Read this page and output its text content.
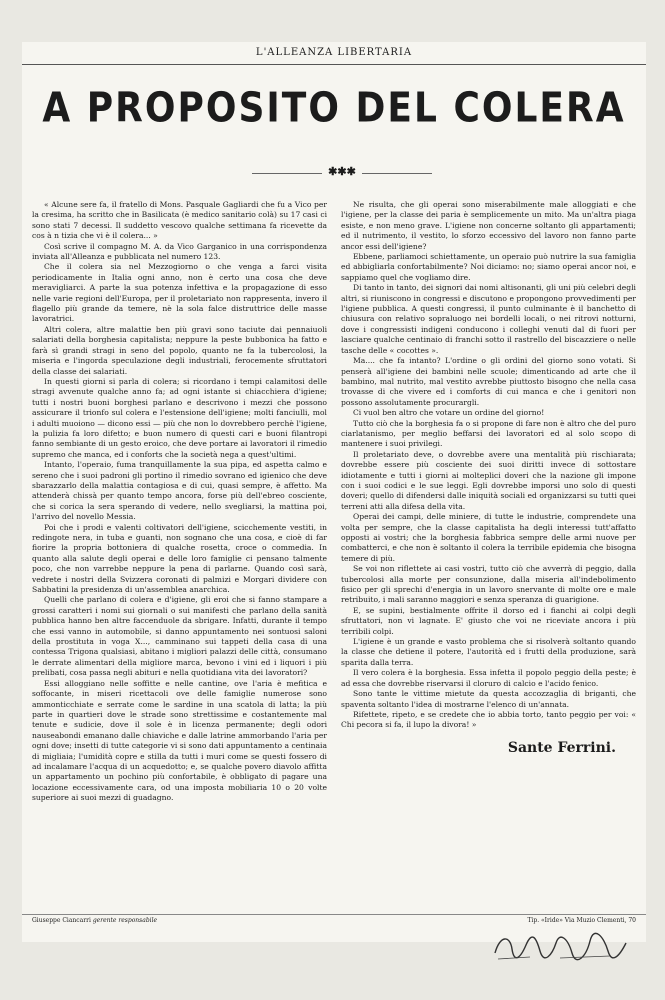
L'ALLEANZA LIBERTARIA
A PROPOSITO DEL COLERA
✱✱✱

« Alcune sere fa, il fratello di Mons. Pasquale Gagliardi che fu a Vico per la cresima, ha scritto che in Basilicata (è medico sanitario colà) su 17 casi ci sono stati 7 decessi. Il suddetto vescovo qualche settimana fa ricevette da cos à n tizia che vi è il colera... »

Così scrive il compagno M. A. da Vico Garganico in una corrispondenza inviata all'Alleanza e pubblicata nel numero 123.

Che il colera sia nel Mezzogiorno o che venga a farci visita periodicamente in Italia ogni anno, non è certo una cosa che deve meravigliarci. A parte la sua potenza infettiva e la propagazione di esso nelle varie regioni dell'Europa, per il proletariato non rappresenta, invero il flagello più grande da temere, nè la sola falce distruttrice delle masse lavoratrici.

Altri colera, altre malattie ben più gravi sono taciute dai pennaiuoli salariati della borghesia capitalista; neppure la peste bubbonica ha fatto e farà sì grandi stragi in seno del popolo, quanto ne fa la tubercolosi, la miseria e l'ingorda speculazione degli industriali, ferocemente sfruttatori della classe dei salariati.

In questi giorni si parla di colera; si ricordano i tempi calamitosi delle stragi avvenute qualche anno fa; ad ogni istante si chiacchiera d'igiene; tutti i nostri buoni borghesi parlano e descrivono i mezzi che possono assicurare il trionfo sul colera e l'estensione dell'igiene; molti fanciulli, mol i adulti muoiono — dicono essi — più che non lo dovrebbero perchè l'igiene, la pulizia fa loro difetto; e buon numero di questi cari e buoni filantropi fanno sembiante di un gesto eroico, che deve portare ai lavoratori il rimedio supremo che manca, ed i conforts che la società nega a quest'ultimi.

Intanto, l'operaio, fuma tranquillamente la sua pipa, ed aspetta calmo e sereno che i suoi padroni gli portino il rimedio sovrano ed igienico che deve sbarazzarlo della malattia contagiosa e di cui, quasi sempre, è affetto. Ma attenderà chissà per quanto tempo ancora, forse più dell'ebreo cosciente, che si corica la sera sperando di vedere, nello svegliarsi, la mattina poi, l'arrivo del novello Messia.

Poi che i prodi e valenti coltivatori dell'igiene, scicchemente vestiti, in redingote nera, in tuba e guanti, non sognano che una cosa, e cioè di far fiorire la propria bottoniera di qualche rosetta, croce o commedia. In quanto alla salute degli operai e delle loro famiglie ci pensano talmente poco, che non varrebbe neppure la pena di parlarne. Quando così sarà, vedrete i nostri della Svizzera coronati di palmizi e Morgari dividere con Sabbatini la presidenza di un'assemblea anarchica.

Quelli che parlano di colera e d'igiene, gli eroi che si fanno stampare a grossi caratteri i nomi sui giornali o sui manifesti che parlano della sanità pubblica hanno ben altre faccenduole da sbrigare. Infatti, durante il tempo che essi vanno in automobile, si danno appuntamento nei sontuosi saloni della prostituta in voga X..., camminano sui tappeti della casa di una contessa Trigona qualsiasi, abitano i migliori palazzi delle città, consumano le derrate alimentari della migliore marca, bevono i vini ed i liquori i più prelibati, cosa passa negli abituri e nella quotidiana vita dei lavoratori?

Essi alloggiano nelle soffitte e nelle cantine, ove l'aria è mefitica e soffocante, in miseri ricettacoli ove delle famiglie numerose sono ammonticchiate e serrate come le sardine in una scatola di latta; la più parte in quartieri dove le strade sono strettissime e costantemente mal tenute e sudicie, dove il sole è in licenza permanente; degli odori nauseabondi emanano dalle chiaviche e dalle latrine ammorbando l'aria per ogni dove; insetti di tutte categorie vi si sono dati appuntamento a centinaia di migliaia; l'umidità copre e stilla da tutti i muri come se questi fossero di ad incalamare l'acqua di un acquedotto; e, se qualche povero diavolo affitta un appartamento un pochino più confortabile, è obbligato di pagare una locazione eccessivamente cara, od una imposta mobiliaria 10 o 20 volte superiore ai suoi mezzi di guadagno.

Ne risulta, che gli operai sono miserabilmente male alloggiati e che l'igiene, per la classe dei paria è semplicemente un mito. Ma un'altra piaga esiste, e non meno grave. L'igiene non concerne soltanto gli appartamenti; ed il nutrimento, il vestito, lo sforzo eccessivo del lavoro non fanno parte ancor essi dell'igiene?

Ebbene, parliamoci schiettamente, un operaio può nutrire la sua famiglia ed abbigliarla confortabilmente? Noi diciamo: no; siamo operai ancor noi, e sappiamo quel che vogliamo dire.

Di tanto in tanto, dei signori dai nomi altisonanti, gli uni più celebri degli altri, si riuniscono in congressi e discutono e propongono provvedimenti per l'igiene pubblica. A questi congressi, il punto culminante è il banchetto di chiusura con relativo sopraluogo nei bordelli locali, o nei ritrovi notturni, dove i congressisti indigeni conducono i colleghi venuti dal di fuori per lasciare qualche centinaio di franchi sotto il rastrello del biscazziere o nelle tasche delle « cocottes ».

Ma.... che fa intanto? L'ordine o gli ordini del giorno sono votati. Si penserà all'igiene dei bambini nelle scuole; dimenticando ad arte che il bambino, mal nutrito, mal vestito avrebbe piuttosto bisogno che nella casa trovasse di che vivere ed i comforts di cui manca e che i genitori non possono assolutamente procurargli.

Ci vuol ben altro che votare un ordine del giorno!

Tutto ciò che la borghesia fa o si propone di fare non è altro che del puro ciarlatanismo, per meglio beffarsi dei lavoratori ed al solo scopo di mantenere i suoi privilegi.

Il proletariato deve, o dovrebbe avere una mentalità più rischiarata; dovrebbe essere più cosciente dei suoi diritti invece di sottostare idiotamente e tutti i giorni ai molteplici doveri che la nazione gli impone con i suoi codici e le sue leggi. Egli dovrebbe imporsi uno solo di questi doveri; quello di difendersi dalle iniquità sociali ed organizzarsi su tutti quei terreni atti alla difesa della vita.

Operai dei campi, delle miniere, di tutte le industrie, comprendete una volta per sempre, che la classe capitalista ha degli interessi tutt'affatto opposti ai vostri; che la borghesia fabbrica sempre delle armi nuove per combatterci, e che non è soltanto il colera la terribile epidemia che bisogna temere di più.

Se voi non riflettete ai casi vostri, tutto ciò che avverrà di peggio, dalla tubercolosi alla morte per consunzione, dalla miseria all'indebolimento fisico per gli sprechi d'energia in un lavoro snervante di molte ore e male retribuito, i mali saranno maggiori e senza speranza di guarigione.

E, se supini, bestialmente offrite il dorso ed i fianchi ai colpi degli sfruttatori, non vi lagnate. E' giusto che voi ne riceviate ancora i più terribili colpi.

L'igiene è un grande e vasto problema che si risolverà soltanto quando la classe che detiene il potere, l'autorità ed i frutti della produzione, sarà sparita dalla terra.

Il vero colera è la borghesia. Essa infetta il popolo peggio della peste; è ad essa che dovrebbe riservarsi il cloruro di calcio e l'acido fenico.

Sono tante le vittime mietute da questa accozzaglia di briganti, che spaventa soltanto l'idea di mostrarne l'elenco di un'annata.

Rifettete, ripeto, e se credete che io abbia torto, tanto peggio per voi: « Chi pecora si fa, il lupo la divora! »

Sante Ferrini.
Giuseppe Ciancarri gerente responsabile	Tip. «Iride» Via Muzio Clementi, 70
